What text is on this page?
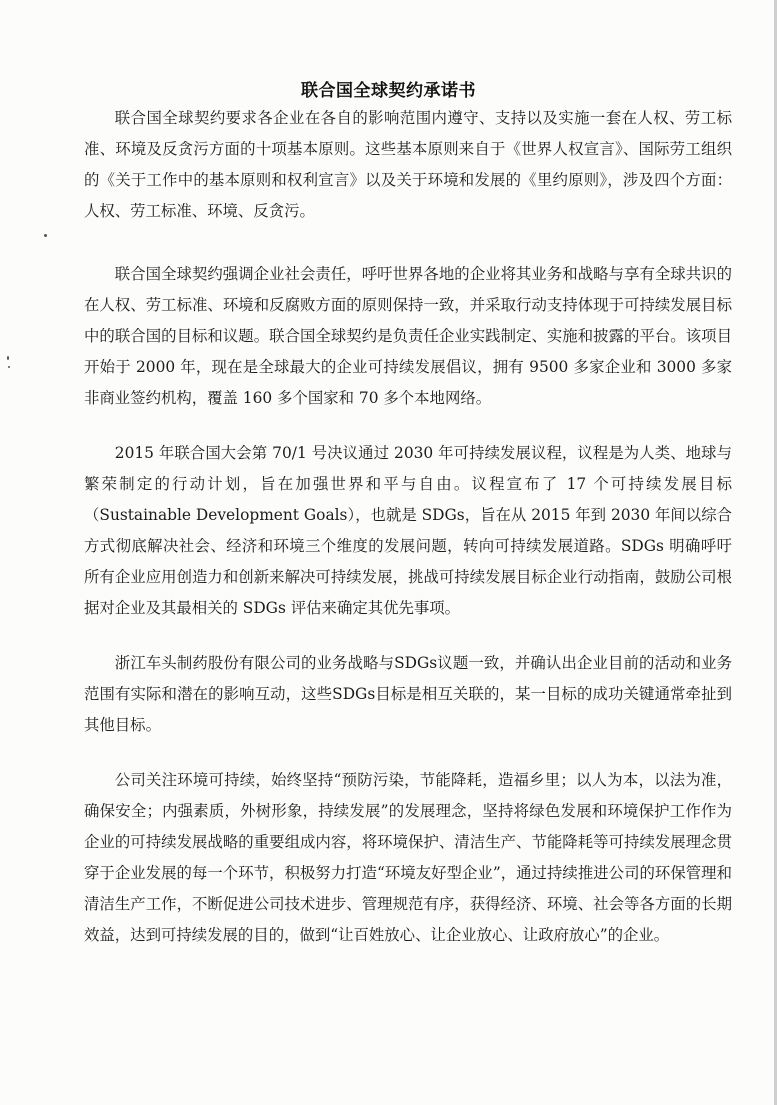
联合国全球契约承诺书

联合国全球契约要求各企业在各自的影响范围内遵守、支持以及实施一套在人权、劳工标准、环境及反贪污方面的十项基本原则。这些基本原则来自于《世界人权宣言》、国际劳工组织的《关于工作中的基本原则和权利宣言》以及关于环境和发展的《里约原则》，涉及四个方面：人权、劳工标准、环境、反贪污。

联合国全球契约强调企业社会责任，呼吁世界各地的企业将其业务和战略与享有全球共识的在人权、劳工标准、环境和反腐败方面的原则保持一致，并采取行动支持体现于可持续发展目标中的联合国的目标和议题。联合国全球契约是负责任企业实践制定、实施和披露的平台。该项目开始于 2000 年，现在是全球最大的企业可持续发展倡议，拥有 9500 多家企业和 3000 多家非商业签约机构，覆盖 160 多个国家和 70 多个本地网络。

2015 年联合国大会第 70/1 号决议通过 2030 年可持续发展议程，议程是为人类、地球与繁荣制定的行动计划，旨在加强世界和平与自由。议程宣布了 17 个可持续发展目标（Sustainable Development Goals），也就是 SDGs，旨在从 2015 年到 2030 年间以综合方式彻底解决社会、经济和环境三个维度的发展问题，转向可持续发展道路。SDGs 明确呼吁所有企业应用创造力和创新来解决可持续发展，挑战可持续发展目标企业行动指南，鼓励公司根据对企业及其最相关的 SDGs 评估来确定其优先事项。

浙江车头制药股份有限公司的业务战略与SDGs议题一致，并确认出企业目前的活动和业务范围有实际和潜在的影响互动，这些SDGs目标是相互关联的，某一目标的成功关键通常牵扯到其他目标。

公司关注环境可持续，始终坚持“预防污染，节能降耗，造福乡里；以人为本，以法为准，确保安全；内强素质，外树形象，持续发展”的发展理念，坚持将绿色发展和环境保护工作作为企业的可持续发展战略的重要组成内容，将环境保护、清洁生产、节能降耗等可持续发展理念贯穿于企业发展的每一个环节，积极努力打造“环境友好型企业”，通过持续推进公司的环保管理和清洁生产工作，不断促进公司技术进步、管理规范有序，获得经济、环境、社会等各方面的长期效益，达到可持续发展的目的，做到“让百姓放心、让企业放心、让政府放心”的企业。
